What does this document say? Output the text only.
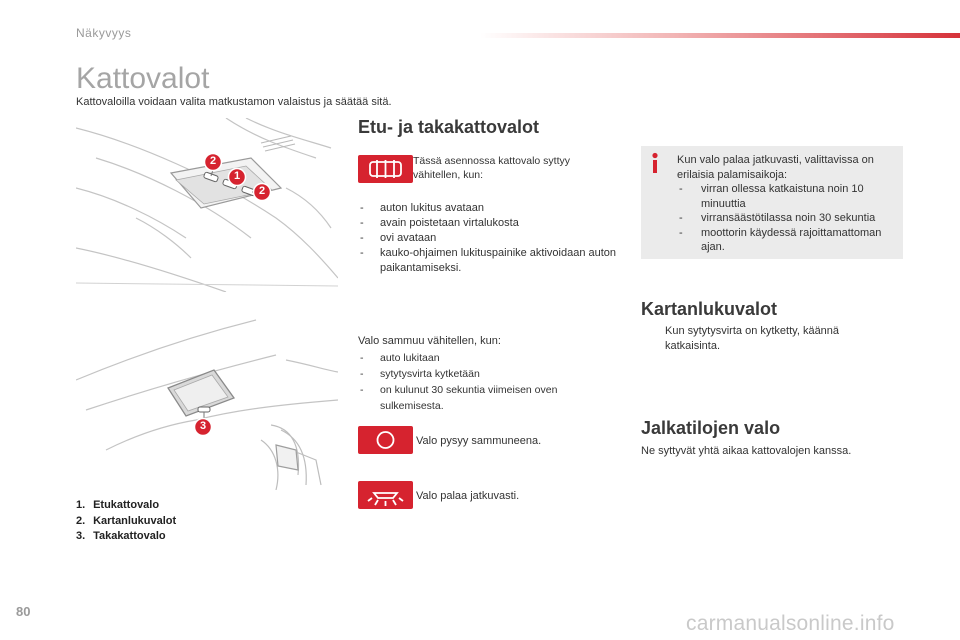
Näkyvyys
Kattovalot
Kattovaloilla voidaan valita matkustamon valaistus ja säätää sitä.
2
1
2
3
1. Etukattovalo
2. Kartanlukuvalot
3. Takakattovalo
Etu- ja takakattovalot
Tässä asennossa kattovalo syttyy vähitellen, kun:
- auton lukitus avataan
- avain poistetaan virtalukosta
- ovi avataan
- kauko-ohjaimen lukituspainike aktivoidaan auton paikantamiseksi.
Valo sammuu vähitellen, kun:
- auto lukitaan
- sytytysvirta kytketään
- on kulunut 30 sekuntia viimeisen oven sulkemisesta.
Valo pysyy sammuneena.
Valo palaa jatkuvasti.
Kun valo palaa jatkuvasti, valittavissa on erilaisia palamisaikoja:
- virran ollessa katkaistuna noin 10 minuuttia
- virransäästötilassa noin 30 sekuntia
- moottorin käydessä rajoittamattoman ajan.
Kartanlukuvalot
Kun sytytysvirta on kytketty, käännä katkaisinta.
Jalkatilojen valo
Ne syttyvät yhtä aikaa kattovalojen kanssa.
80
carmanualsonline.info
